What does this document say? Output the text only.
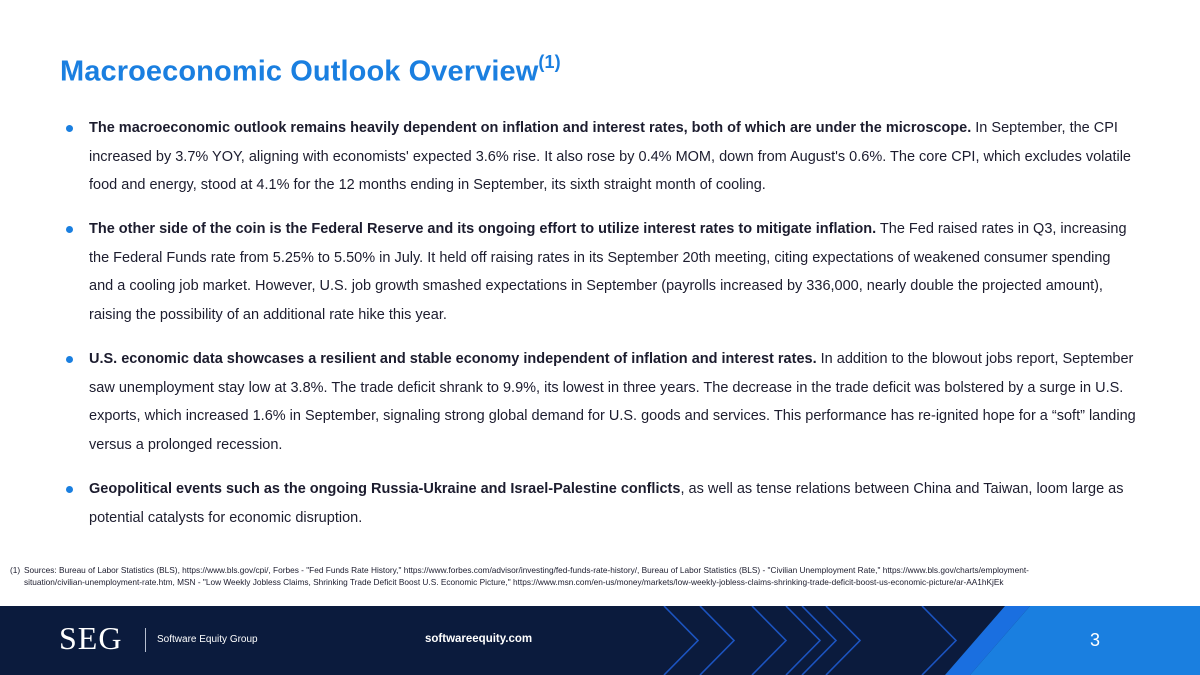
Macroeconomic Outlook Overview$^{(1)}$
The macroeconomic outlook remains heavily dependent on inflation and interest rates, both of which are under the microscope. In September, the CPI increased by 3.7% YOY, aligning with economists' expected 3.6% rise. It also rose by 0.4% MOM, down from August's 0.6%. The core CPI, which excludes volatile food and energy, stood at 4.1% for the 12 months ending in September, its sixth straight month of cooling.
The other side of the coin is the Federal Reserve and its ongoing effort to utilize interest rates to mitigate inflation. The Fed raised rates in Q3, increasing the Federal Funds rate from 5.25% to 5.50% in July. It held off raising rates in its September 20th meeting, citing expectations of weakened consumer spending and a cooling job market. However, U.S. job growth smashed expectations in September (payrolls increased by 336,000, nearly double the projected amount), raising the possibility of an additional rate hike this year.
U.S. economic data showcases a resilient and stable economy independent of inflation and interest rates. In addition to the blowout jobs report, September saw unemployment stay low at 3.8%. The trade deficit shrank to 9.9%, its lowest in three years. The decrease in the trade deficit was bolstered by a surge in U.S. exports, which increased 1.6% in September, signaling strong global demand for U.S. goods and services. This performance has re-ignited hope for a “soft” landing versus a prolonged recession.
Geopolitical events such as the ongoing Russia-Ukraine and Israel-Palestine conflicts, as well as tense relations between China and Taiwan, loom large as potential catalysts for economic disruption.
(1) Sources: Bureau of Labor Statistics (BLS), https://www.bls.gov/cpi/, Forbes - "Fed Funds Rate History," https://www.forbes.com/advisor/investing/fed-funds-rate-history/, Bureau of Labor Statistics (BLS) - "Civilian Unemployment Rate," https://www.bls.gov/charts/employment-situation/civilian-unemployment-rate.htm, MSN - "Low Weekly Jobless Claims, Shrinking Trade Deficit Boost U.S. Economic Picture," https://www.msn.com/en-us/money/markets/low-weekly-jobless-claims-shrinking-trade-deficit-boost-us-economic-picture/ar-AA1hKjEk
SEG	Software Equity Group	softwareequity.com	3
